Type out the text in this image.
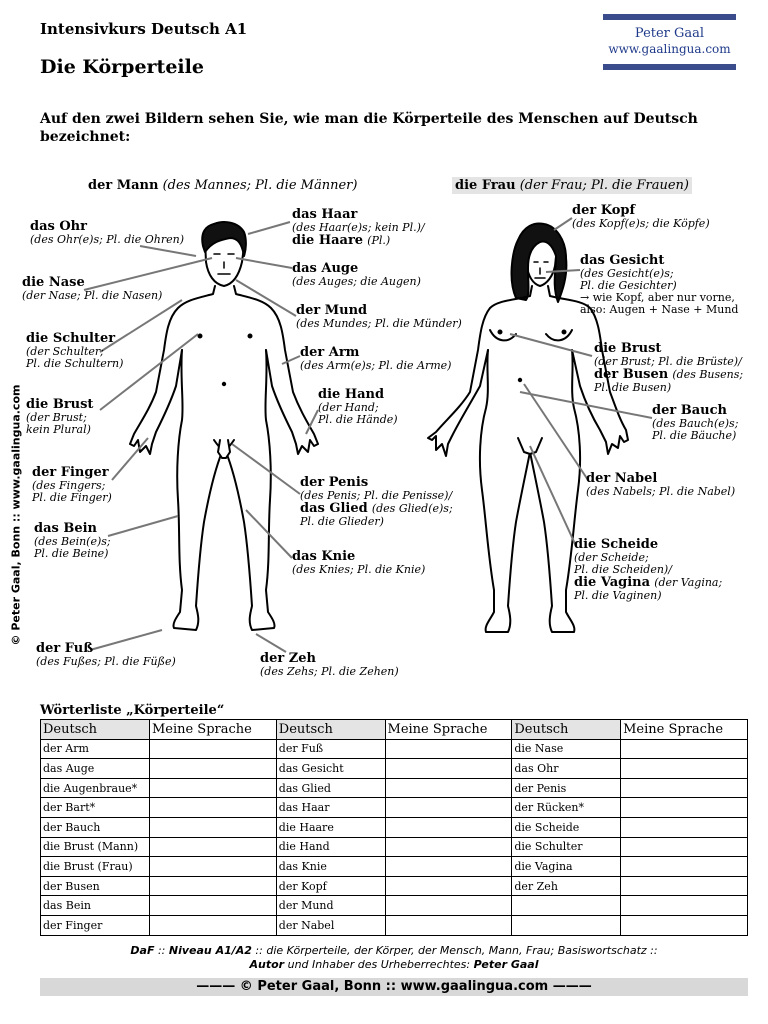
Intensivkurs Deutsch A1
Die Körperteile
Auf den zwei Bildern sehen Sie, wie man die Körperteile des Menschen auf Deutsch bezeichnet:
Peter Gaal
www.gaalingua.com
© Peter Gaal, Bonn :: www.gaalingua.com
der Mann (des Mannes; Pl. die Männer)	die Frau (der Frau; Pl. die Frauen)
das Ohr
(des Ohr(e)s; Pl. die Ohren)
die Nase
(der Nase; Pl. die Nasen)
die Schulter
(der Schulter;
Pl. die Schultern)
die Brust
(der Brust;
kein Plural)
der Finger
(des Fingers;
Pl. die Finger)
das Bein
(des Bein(e)s;
Pl. die Beine)
der Fuß
(des Fußes; Pl. die Füße)
das Haar
(des Haar(e)s; kein Pl.)/
die Haare (Pl.)
das Auge
(des Auges; die Augen)
der Mund
(des Mundes; Pl. die Münder)
der Arm
(des Arm(e)s; Pl. die Arme)
die Hand
(der Hand;
Pl. die Hände)
der Penis
(des Penis; Pl. die Penisse)/
das Glied (des Glied(e)s;
Pl. die Glieder)
das Knie
(des Knies; Pl. die Knie)
der Zeh
(des Zehs; Pl. die Zehen)
der Kopf
(des Kopf(e)s; die Köpfe)
das Gesicht
(des Gesicht(e)s;
Pl. die Gesichter)
→ wie Kopf, aber nur vorne,
also: Augen + Nase + Mund
die Brust
(der Brust; Pl. die Brüste)/
der Busen (des Busens;
Pl. die Busen)
der Bauch
(des Bauch(e)s;
Pl. die Bäuche)
der Nabel
(des Nabels; Pl. die Nabel)
die Scheide
(der Scheide;
Pl. die Scheiden)/
die Vagina (der Vagina;
Pl. die Vaginen)
Wörterliste „Körperteile“
Deutsch	Meine Sprache	Deutsch	Meine Sprache	Deutsch	Meine Sprache
der Arm		der Fuß		die Nase	
das Auge		das Gesicht		das Ohr	
die Augenbraue*		das Glied		der Penis	
der Bart*		das Haar		der Rücken*	
der Bauch		die Haare		die Scheide	
die Brust (Mann)		die Hand		die Schulter	
die Brust (Frau)		das Knie		die Vagina	
der Busen		der Kopf		der Zeh	
das Bein		der Mund			
der Finger		der Nabel			
DaF :: Niveau A1/A2 :: die Körperteile, der Körper, der Mensch, Mann, Frau; Basiswortschatz ::
Autor und Inhaber des Urheberrechtes: Peter Gaal
——— © Peter Gaal, Bonn :: www.gaalingua.com ———
